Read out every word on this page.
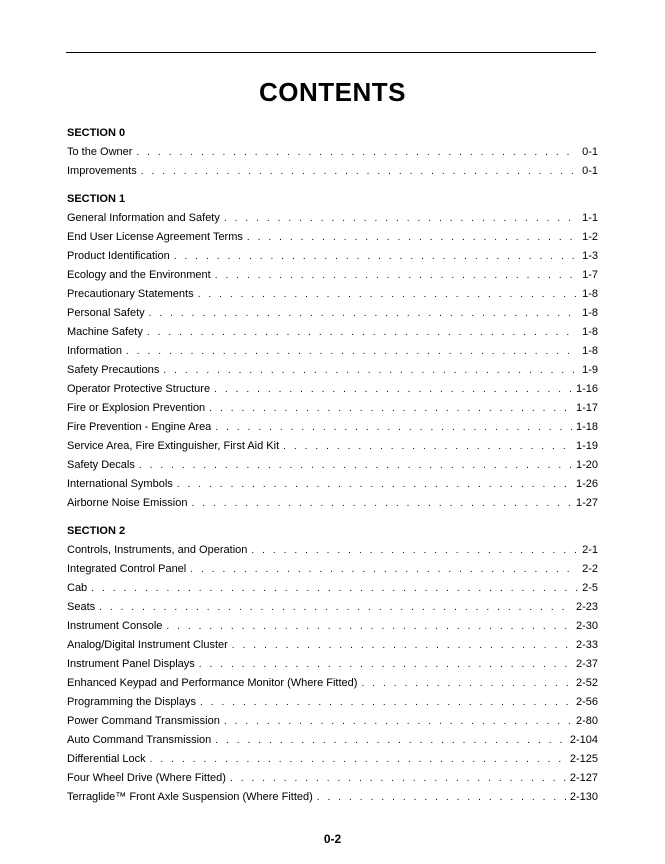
CONTENTS
SECTION 0
To the Owner . . .	0-1
Improvements . . .	0-1
SECTION 1
General Information and Safety . . .	1-1
End User License Agreement Terms . . .	1-2
Product Identification . . .	1-3
Ecology and the Environment . . .	1-7
Precautionary Statements . . .	1-8
Personal Safety . . .	1-8
Machine Safety . . .	1-8
Information . . .	1-8
Safety Precautions . . .	1-9
Operator Protective Structure . . .	1-16
Fire or Explosion Prevention . . .	1-17
Fire Prevention - Engine Area . . .	1-18
Service Area, Fire Extinguisher, First Aid Kit . . .	1-19
Safety Decals . . .	1-20
International Symbols . . .	1-26
Airborne Noise Emission . . .	1-27
SECTION 2
Controls, Instruments, and Operation . . .	2-1
Integrated Control Panel . . .	2-2
Cab . . .	2-5
Seats . . .	2-23
Instrument Console . . .	2-30
Analog/Digital Instrument Cluster . . .	2-33
Instrument Panel Displays . . .	2-37
Enhanced Keypad and Performance Monitor (Where Fitted) . . .	2-52
Programming the Displays . . .	2-56
Power Command Transmission . . .	2-80
Auto Command Transmission . . .	2-104
Differential Lock . . .	2-125
Four Wheel Drive (Where Fitted) . . .	2-127
Terraglide™ Front Axle Suspension (Where Fitted) . . .	2-130
0-2
